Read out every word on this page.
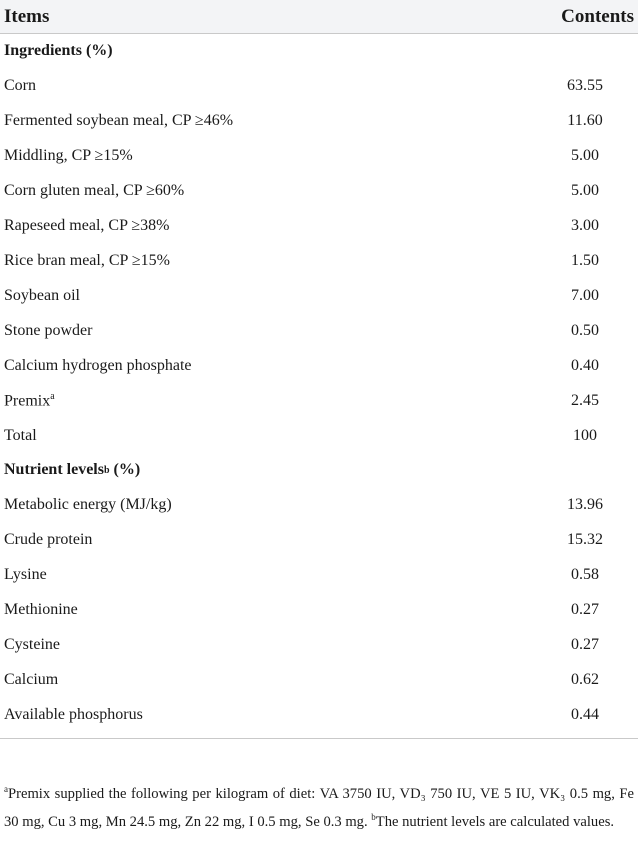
Items	Contents
Ingredients (%)
Corn	63.55
Fermented soybean meal, CP ≥46%	11.60
Middling, CP ≥15%	5.00
Corn gluten meal, CP ≥60%	5.00
Rapeseed meal, CP ≥38%	3.00
Rice bran meal, CP ≥15%	1.50
Soybean oil	7.00
Stone powder	0.50
Calcium hydrogen phosphate	0.40
Premix$^a$	2.45
Total	100
Nutrient levels b (%)
Metabolic energy (MJ/kg)	13.96
Crude protein	15.32
Lysine	0.58
Methionine	0.27
Cysteine	0.27
Calcium	0.62
Available phosphorus	0.44
$^a$Premix supplied the following per kilogram of diet: VA 3750 IU, VD₃ 750 IU, VE 5 IU, VK₃ 0.5 mg, Fe 30 mg, Cu 3 mg, Mn 24.5 mg, Zn 22 mg, I 0.5 mg, Se 0.3 mg. $^b$The nutrient levels are calculated values.
